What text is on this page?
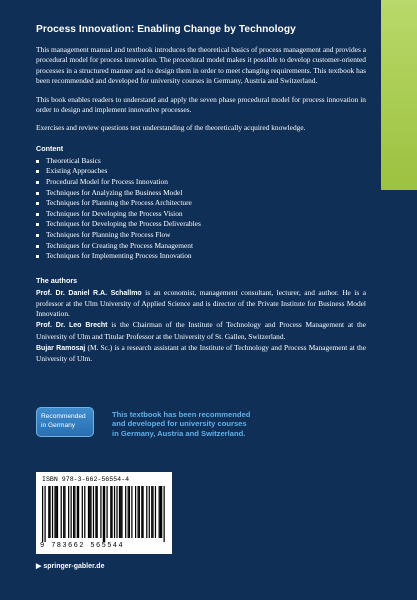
Process Innovation: Enabling Change by Technology

This management manual and textbook introduces the theoretical basics of process management and provides a procedural model for process innovation. The procedural model makes it possible to develop customer-oriented processes in a structured manner and to design them in order to meet changing requirements. This textbook has been recommended and developed for university courses in Germany, Austria and Switzerland.

This book enables readers to understand and apply the seven phase procedural model for process innovation in order to design and implement innovative processes.

Exercises and review questions test understanding of the theoretically acquired knowledge.

Content
Theoretical Basics
Existing Approaches
Procedural Model for Process Innovation
Techniques for Analyzing the Business Model
Techniques for Planning the Process Architecture
Techniques for Developing the Process Vision
Techniques for Developing the Process Deliverables
Techniques for Planning the Process Flow
Techniques for Creating the Process Management
Techniques for Implementing Process Innovation
The authors

Prof. Dr. Daniel R.A. Schallmo is an economist, management consultant, lecturer, and author. He is a professor at the Ulm University of Applied Science and is director of the Private Institute for Business Model Innovation.

Prof. Dr. Leo Brecht is the Chairman of the Institute of Technology and Process Management at the University of Ulm and Titular Professor at the University of St. Gallen, Switzerland.

Bujar Ramosaj (M. Sc.) is a research assistant at the Institute of Technology and Process Management at the University of Ulm.

Recommended
in Germany
This textbook has been recommended
and developed for university courses
in Germany, Austria and Switzerland.
ISBN 978-3-662-56554-4
9 783662 565544
▶ springer-gabler.de
